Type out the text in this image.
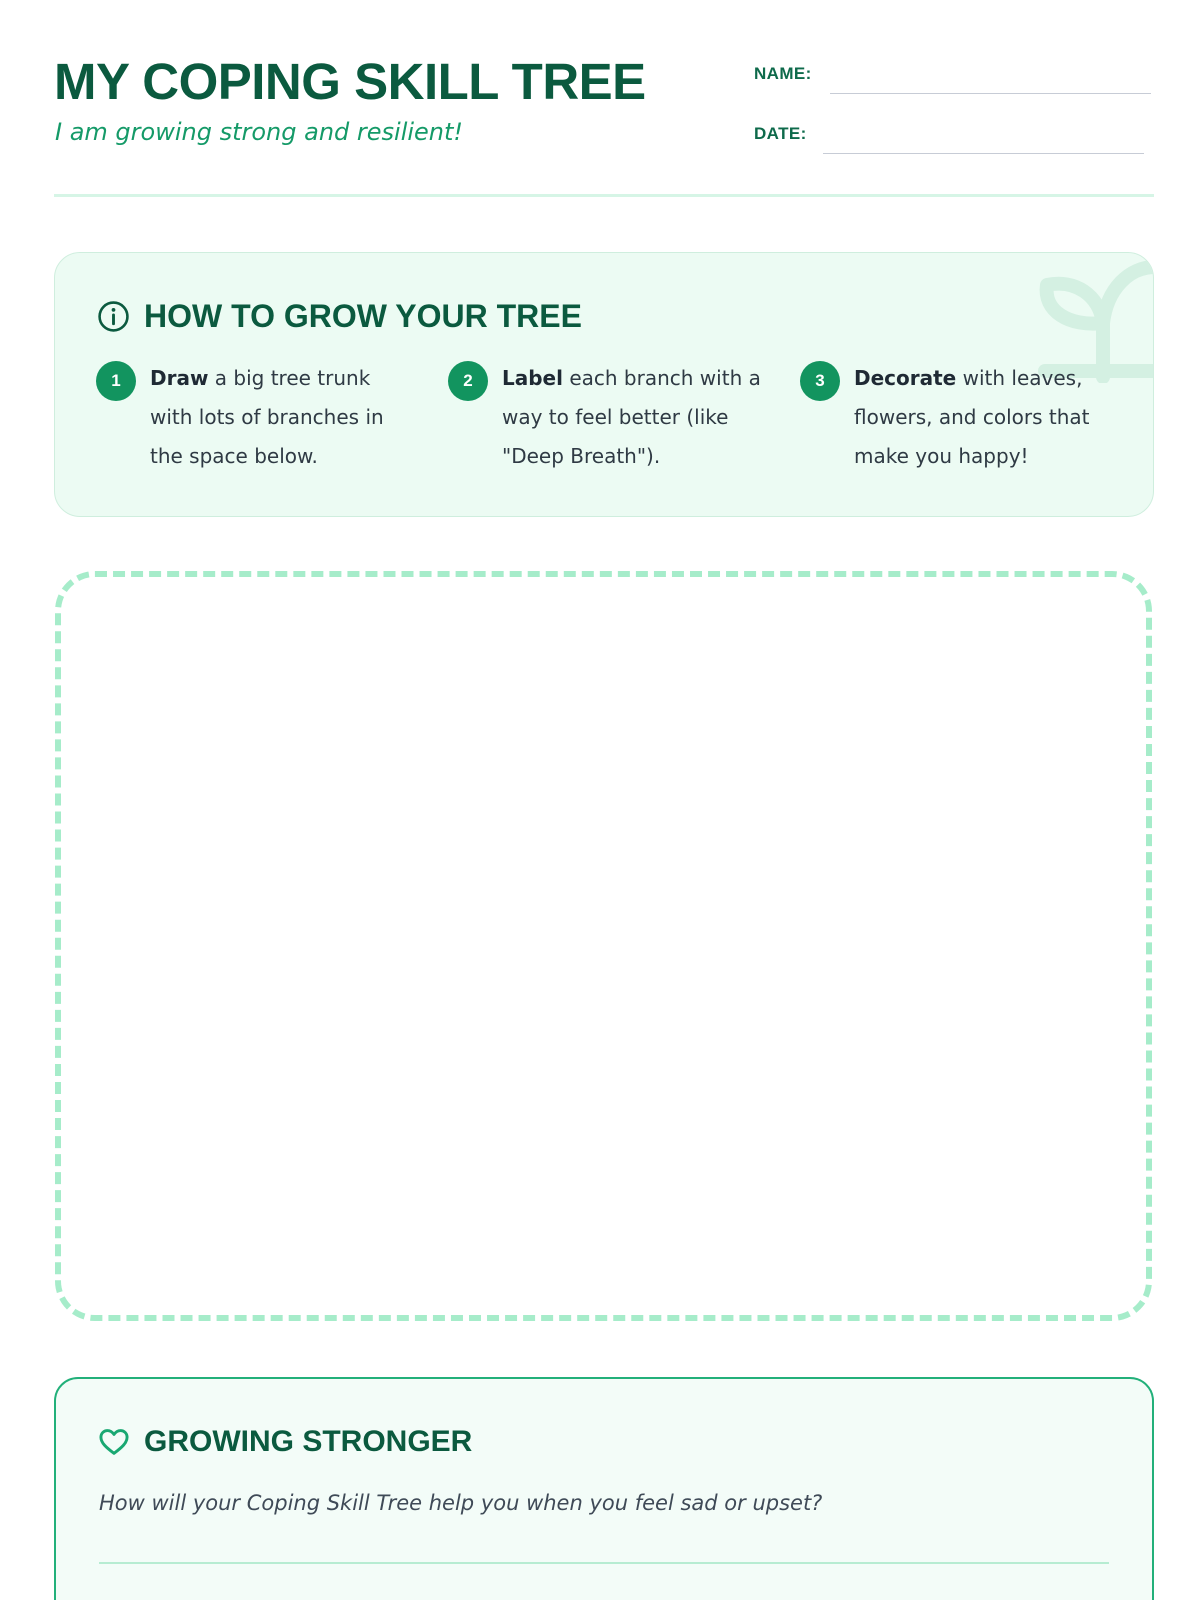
MY COPING SKILL TREE
I am growing strong and resilient!
NAME:
DATE:
HOW TO GROW YOUR TREE
1	Draw a big tree trunk with lots of branches in the space below.

2	Label each branch with a way to feel better (like "Deep Breath").

3	Decorate with leaves, flowers, and colors that make you happy!

GROWING STRONGER

How will your Coping Skill Tree help you when you feel sad or upset?
